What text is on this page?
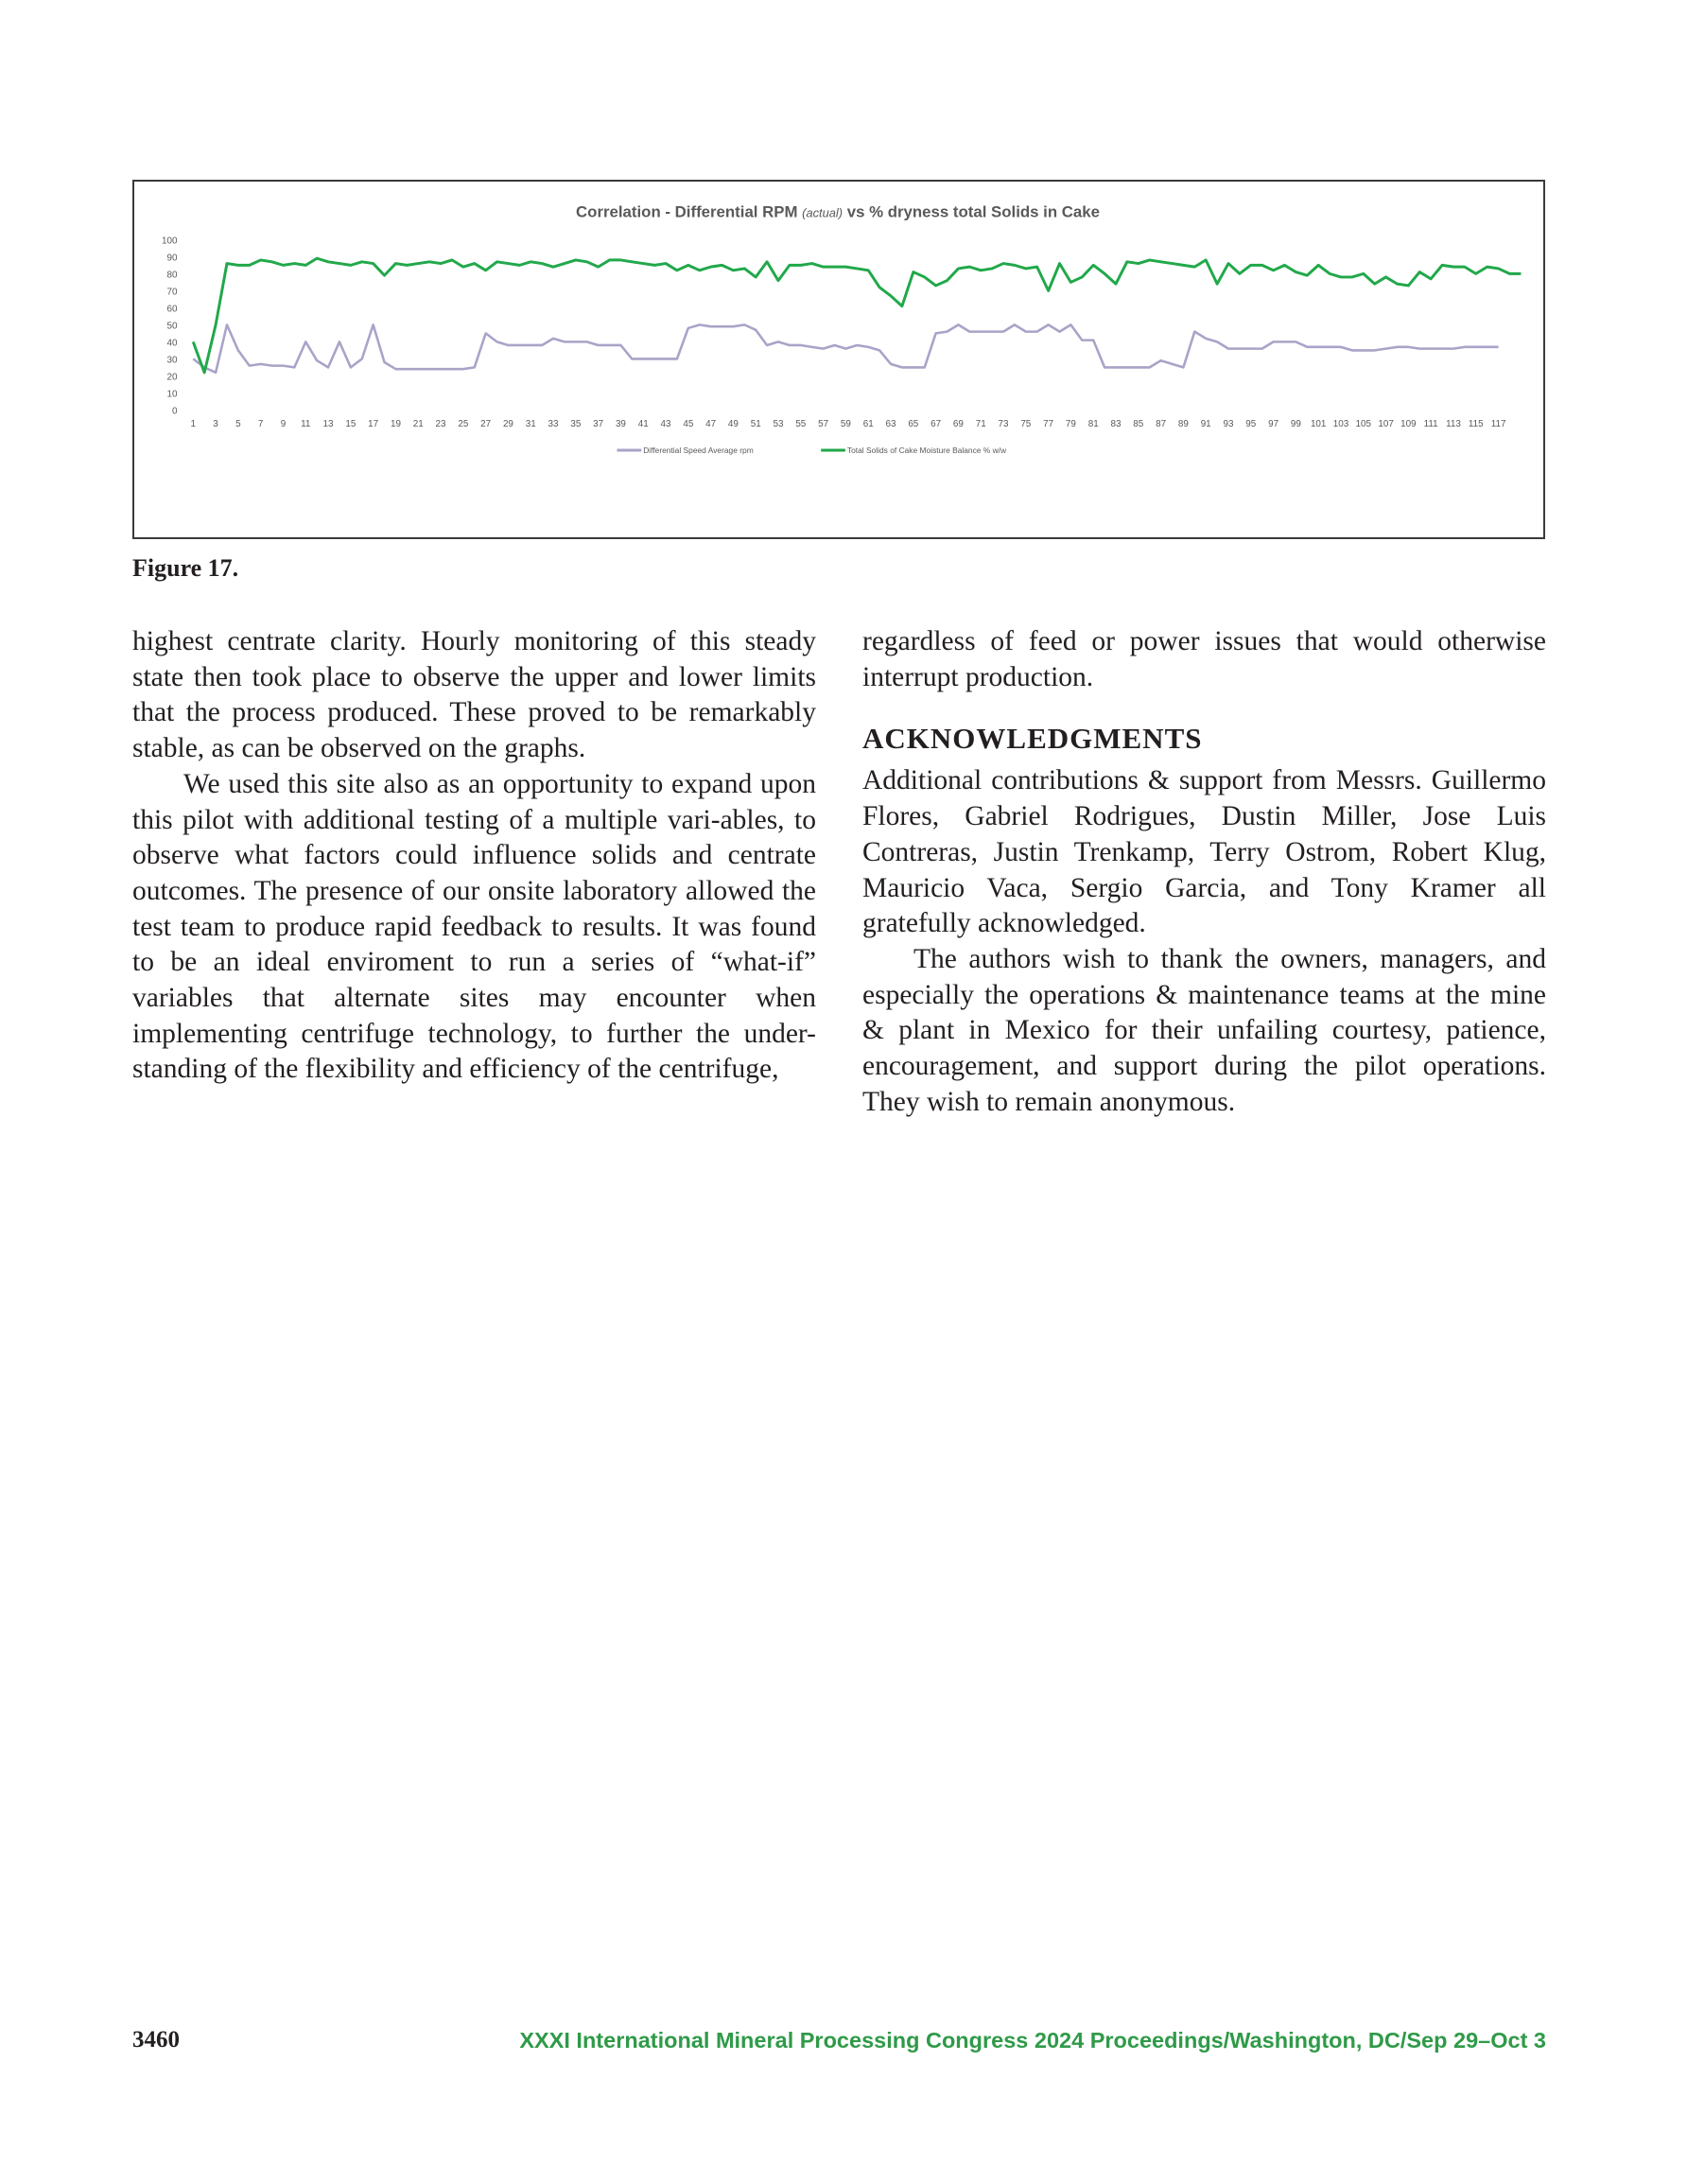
Correlation - Differential RPM (actual) vs % dryness total Solids in Cake
0
10
20
30
40
50
60
70
80
90
100
1 3 5 7 9 11 13 15 17 19 21 23 25 27 29 31 33 35 37 39 41 43 45 47 49 51 53 55 57 59 61 63 65 67 69 71 73 75 77 79 81 83 85 87 89 91 93 95 97 99 101 103 105 107 109 111 113 115 117
Differential Speed Average rpm	Total Solids of Cake Moisture Balance % w/w
Figure 17.

highest centrate clarity. Hourly monitoring of this steady state then took place to observe the upper and lower limits that the process produced. These proved to be remarkably stable, as can be observed on the graphs.

We used this site also as an opportunity to expand upon this pilot with additional testing of a multiple vari-ables, to observe what factors could influence solids and centrate outcomes. The presence of our onsite laboratory allowed the test team to produce rapid feedback to results. It was found to be an ideal enviroment to run a series of “what-if” variables that alternate sites may encounter when implementing centrifuge technology, to further the under-standing of the flexibility and efficiency of the centrifuge,

regardless of feed or power issues that would otherwise interrupt production.

ACKNOWLEDGMENTS

Additional contributions & support from Messrs. Guillermo Flores, Gabriel Rodrigues, Dustin Miller, Jose Luis Contreras, Justin Trenkamp, Terry Ostrom, Robert Klug, Mauricio Vaca, Sergio Garcia, and Tony Kramer all gratefully acknowledged.

The authors wish to thank the owners, managers, and especially the operations & maintenance teams at the mine & plant in Mexico for their unfailing courtesy, patience, encouragement, and support during the pilot operations. They wish to remain anonymous.

3460	XXXI International Mineral Processing Congress 2024 Proceedings/Washington, DC/Sep 29–Oct 3
